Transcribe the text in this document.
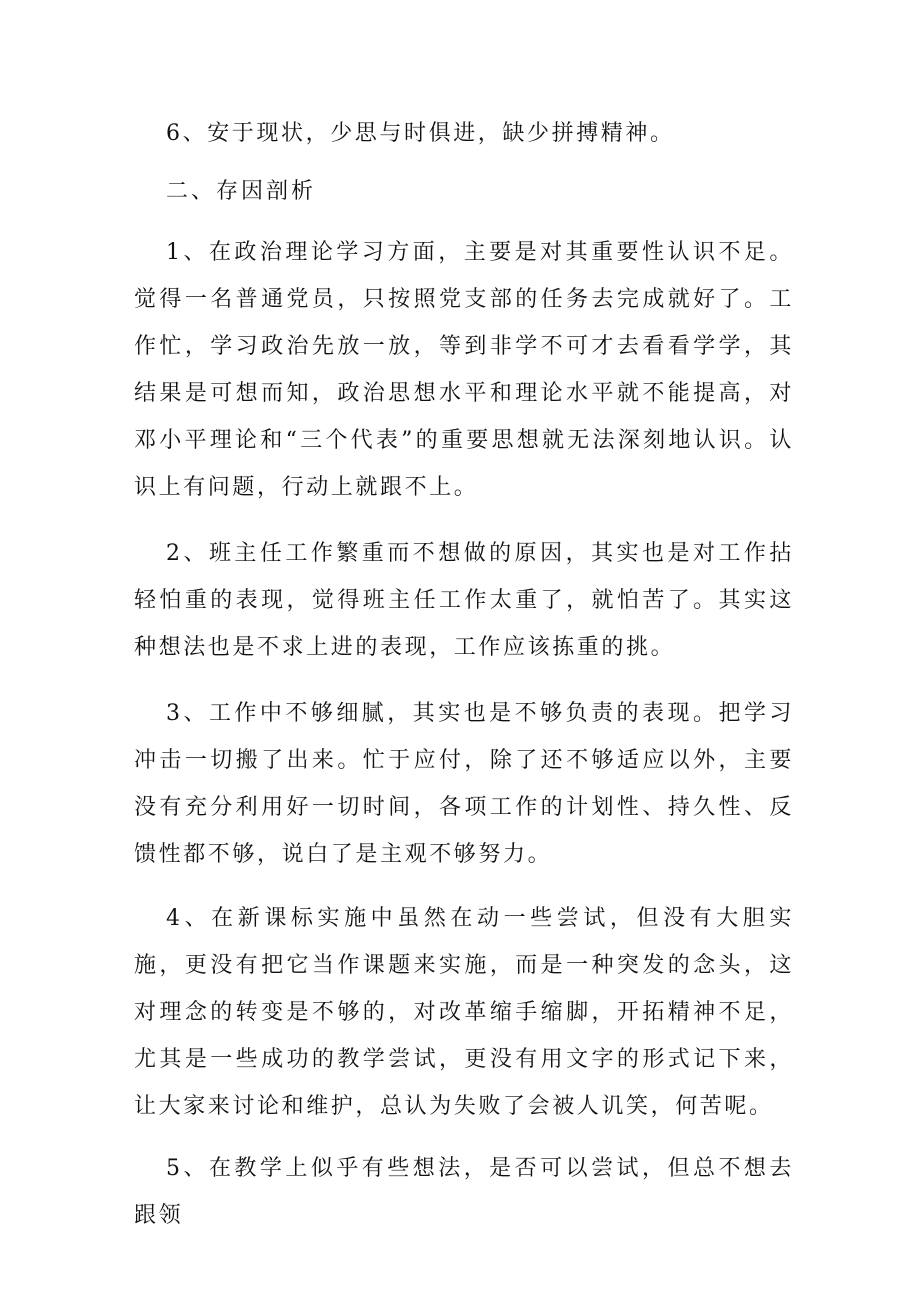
6、安于现状，少思与时俱进，缺少拼搏精神。

二、存因剖析

1、在政治理论学习方面，主要是对其重要性认识不足。觉得一名普通党员，只按照党支部的任务去完成就好了。工作忙，学习政治先放一放，等到非学不可才去看看学学，其结果是可想而知，政治思想水平和理论水平就不能提高，对邓小平理论和“三个代表”的重要思想就无法深刻地认识。认识上有问题，行动上就跟不上。

2、班主任工作繁重而不想做的原因，其实也是对工作拈轻怕重的表现，觉得班主任工作太重了，就怕苦了。其实这种想法也是不求上进的表现，工作应该拣重的挑。

3、工作中不够细腻，其实也是不够负责的表现。把学习冲击一切搬了出来。忙于应付，除了还不够适应以外，主要没有充分利用好一切时间，各项工作的计划性、持久性、反馈性都不够，说白了是主观不够努力。

4、在新课标实施中虽然在动一些尝试，但没有大胆实施，更没有把它当作课题来实施，而是一种突发的念头，这对理念的转变是不够的，对改革缩手缩脚，开拓精神不足，尤其是一些成功的教学尝试，更没有用文字的形式记下来，让大家来讨论和维护，总认为失败了会被人讥笑，何苦呢。

5、在教学上似乎有些想法，是否可以尝试，但总不想去跟领
